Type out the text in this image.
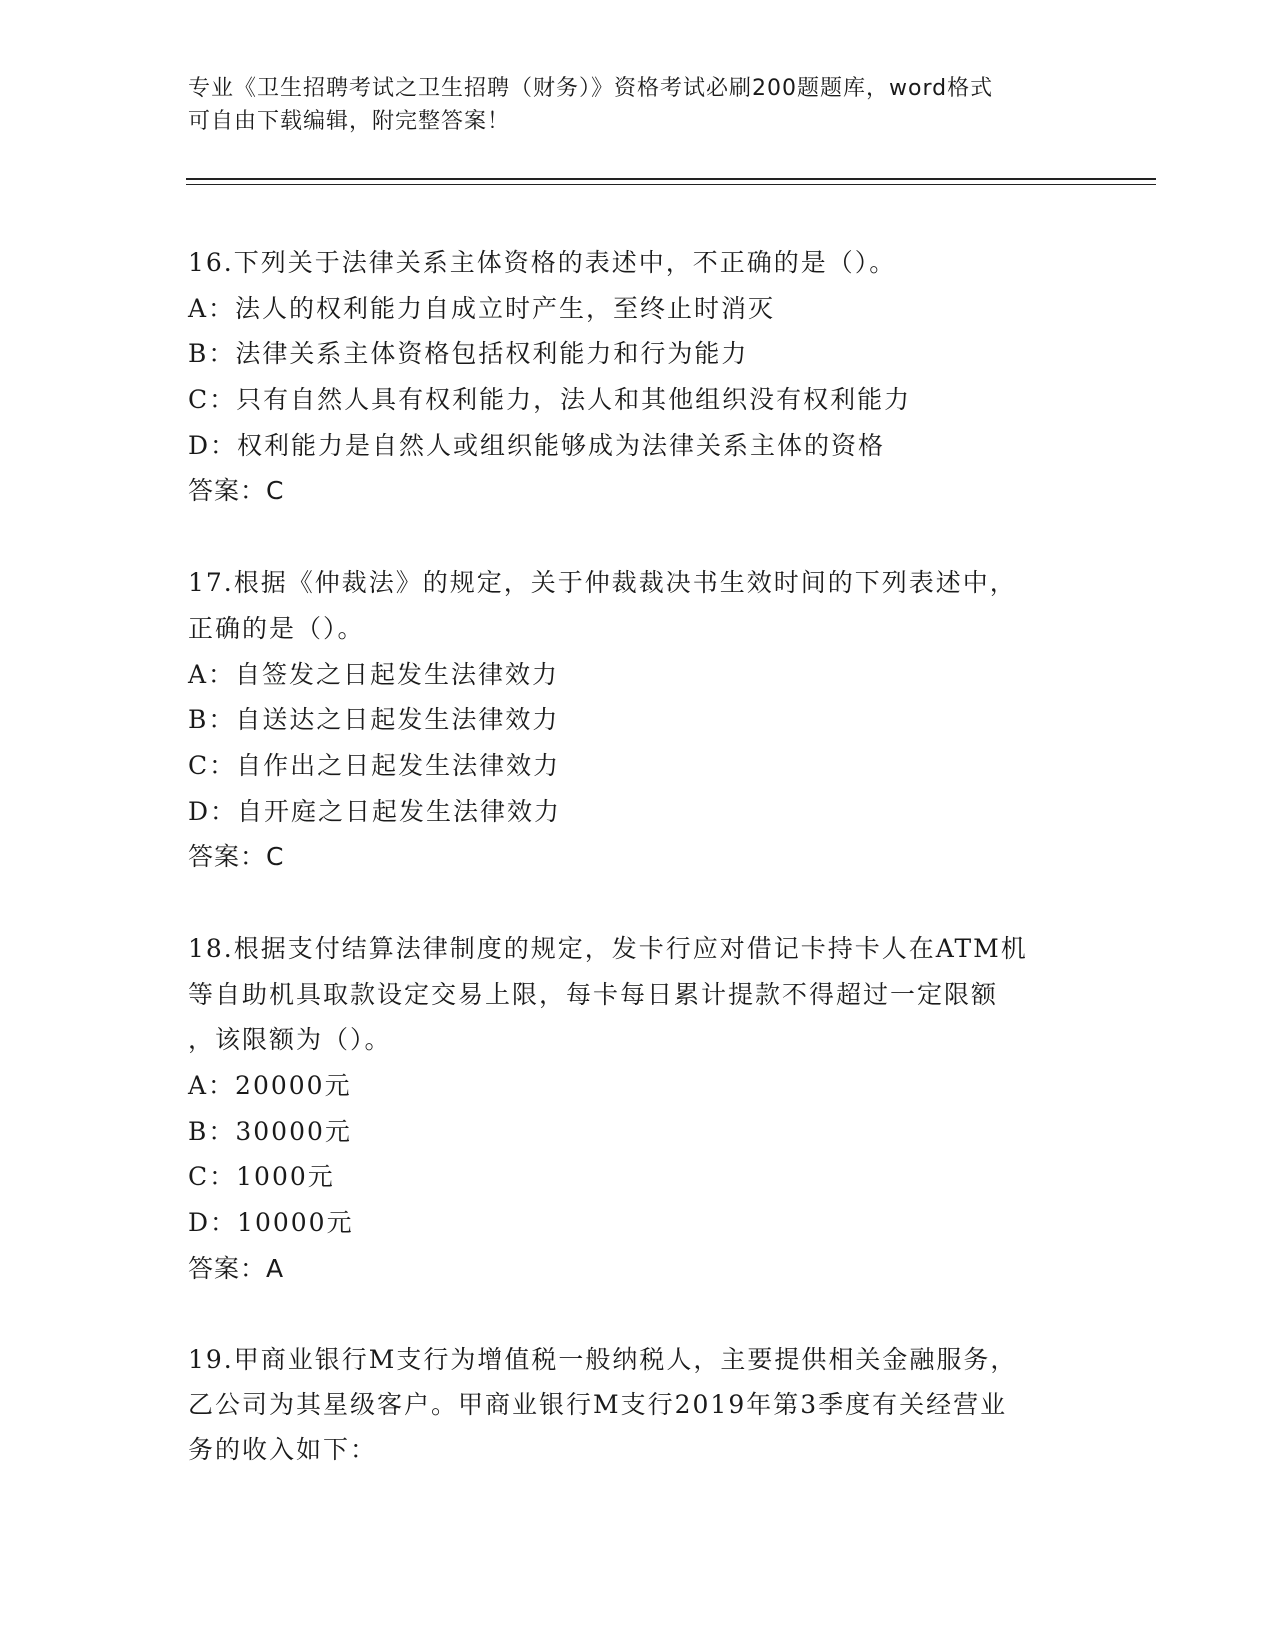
专业《卫生招聘考试之卫生招聘（财务）》资格考试必刷200题题库，word格式
可自由下载编辑，附完整答案！
16.下列关于法律关系主体资格的表述中，不正确的是（）。
A：法人的权利能力自成立时产生，至终止时消灭
B：法律关系主体资格包括权利能力和行为能力
C：只有自然人具有权利能力，法人和其他组织没有权利能力
D：权利能力是自然人或组织能够成为法律关系主体的资格
答案：C
17.根据《仲裁法》的规定，关于仲裁裁决书生效时间的下列表述中，
正确的是（）。
A：自签发之日起发生法律效力
B：自送达之日起发生法律效力
C：自作出之日起发生法律效力
D：自开庭之日起发生法律效力
答案：C
18.根据支付结算法律制度的规定，发卡行应对借记卡持卡人在ATM机
等自助机具取款设定交易上限，每卡每日累计提款不得超过一定限额
，该限额为（）。
A：20000元
B：30000元
C：1000元
D：10000元
答案：A
19.甲商业银行M支行为增值税一般纳税人，主要提供相关金融服务，
乙公司为其星级客户。甲商业银行M支行2019年第3季度有关经营业
务的收入如下：
